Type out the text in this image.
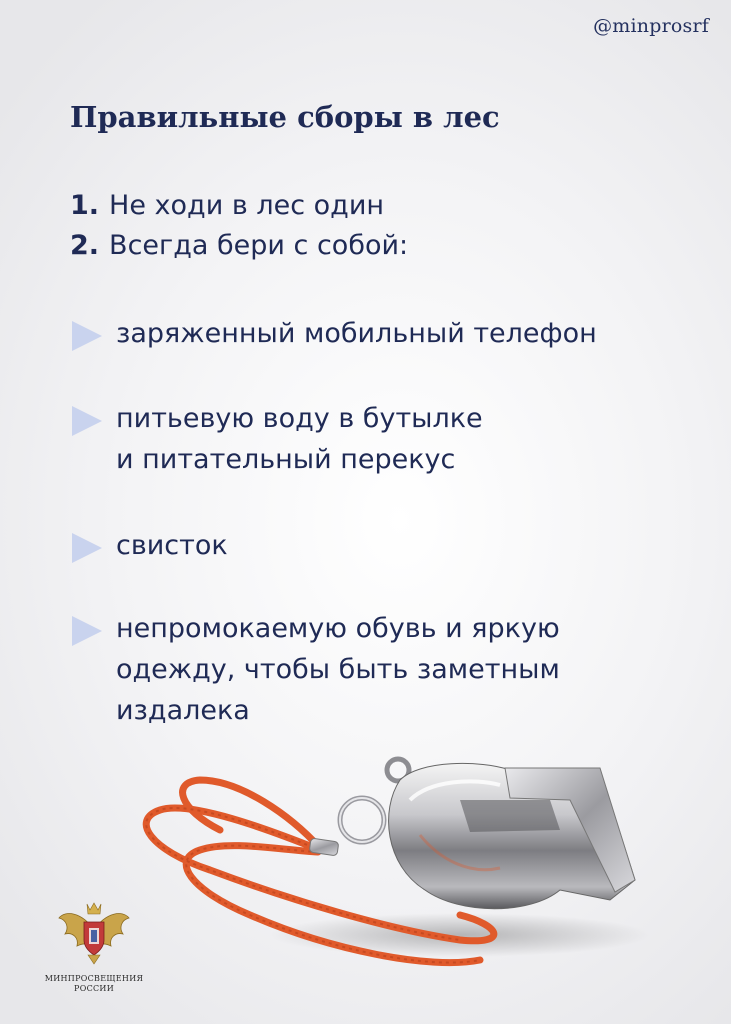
@minprosrf
Правильные сборы в лес
1. Не ходи в лес один
2. Всегда бери с собой:
заряженный мобильный телефон
питьевую воду в бутылке
и питательный перекус
свисток
непромокаемую обувь и яркую
одежду, чтобы быть заметным
издалека
МИНПРОСВЕЩЕНИЯ
РОССИИ
